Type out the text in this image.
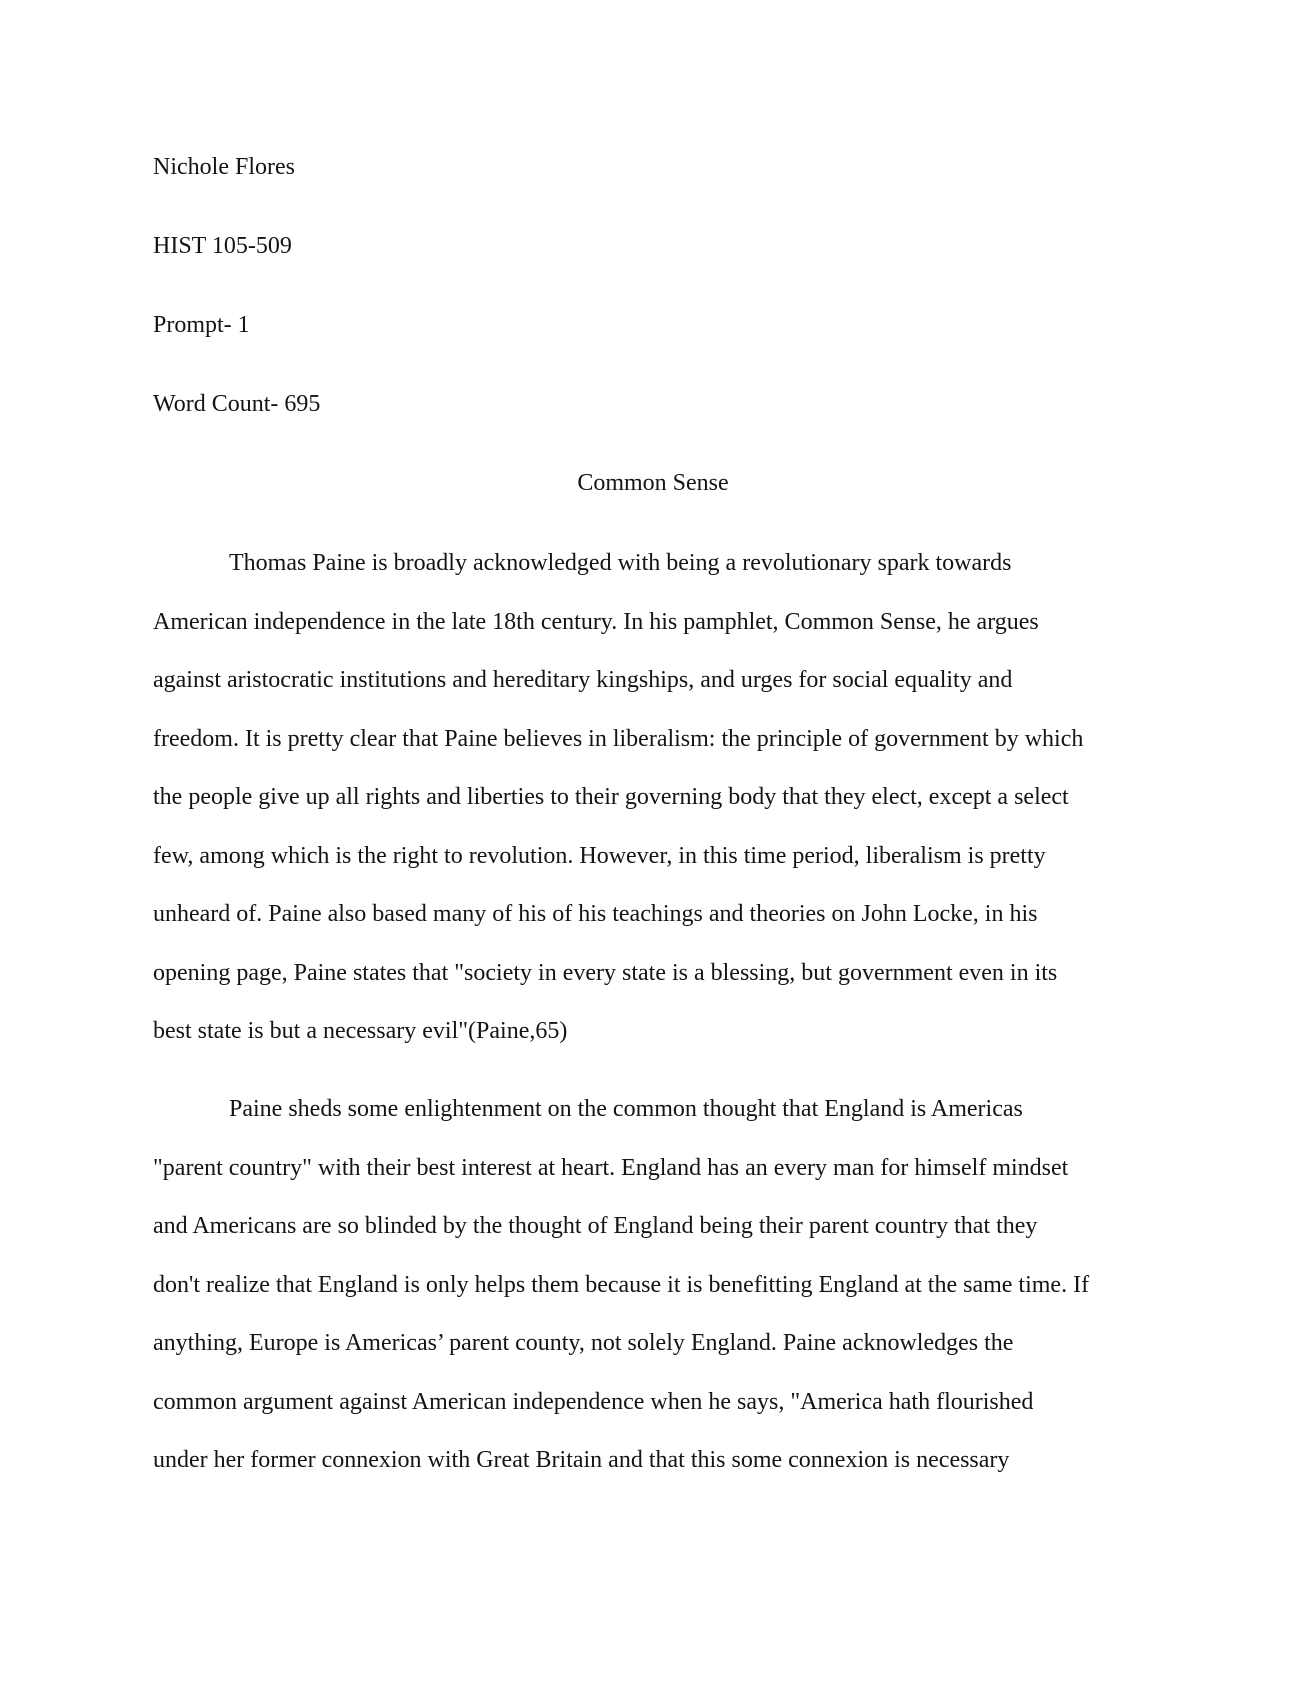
Nichole Flores

HIST 105-509

Prompt- 1

Word Count- 695

Common Sense
Thomas Paine is broadly acknowledged with being a revolutionary spark towards
American independence in the late 18th century. In his pamphlet, Common Sense, he argues
against aristocratic institutions and hereditary kingships, and urges for social equality and
freedom. It is pretty clear that Paine believes in liberalism: the principle of government by which
the people give up all rights and liberties to their governing body that they elect, except a select
few, among which is the right to revolution. However, in this time period, liberalism is pretty
unheard of. Paine also based many of his of his teachings and theories on John Locke, in his
opening page, Paine states that "society in every state is a blessing, but government even in its
best state is but a necessary evil"(Paine,65)
Paine sheds some enlightenment on the common thought that England is Americas
"parent country" with their best interest at heart. England has an every man for himself mindset
and Americans are so blinded by the thought of England being their parent country that they
don't realize that England is only helps them because it is benefitting England at the same time. If
anything, Europe is Americas’ parent county, not solely England. Paine acknowledges the
common argument against American independence when he says, "America hath flourished
under her former connexion with Great Britain and that this some connexion is necessary
